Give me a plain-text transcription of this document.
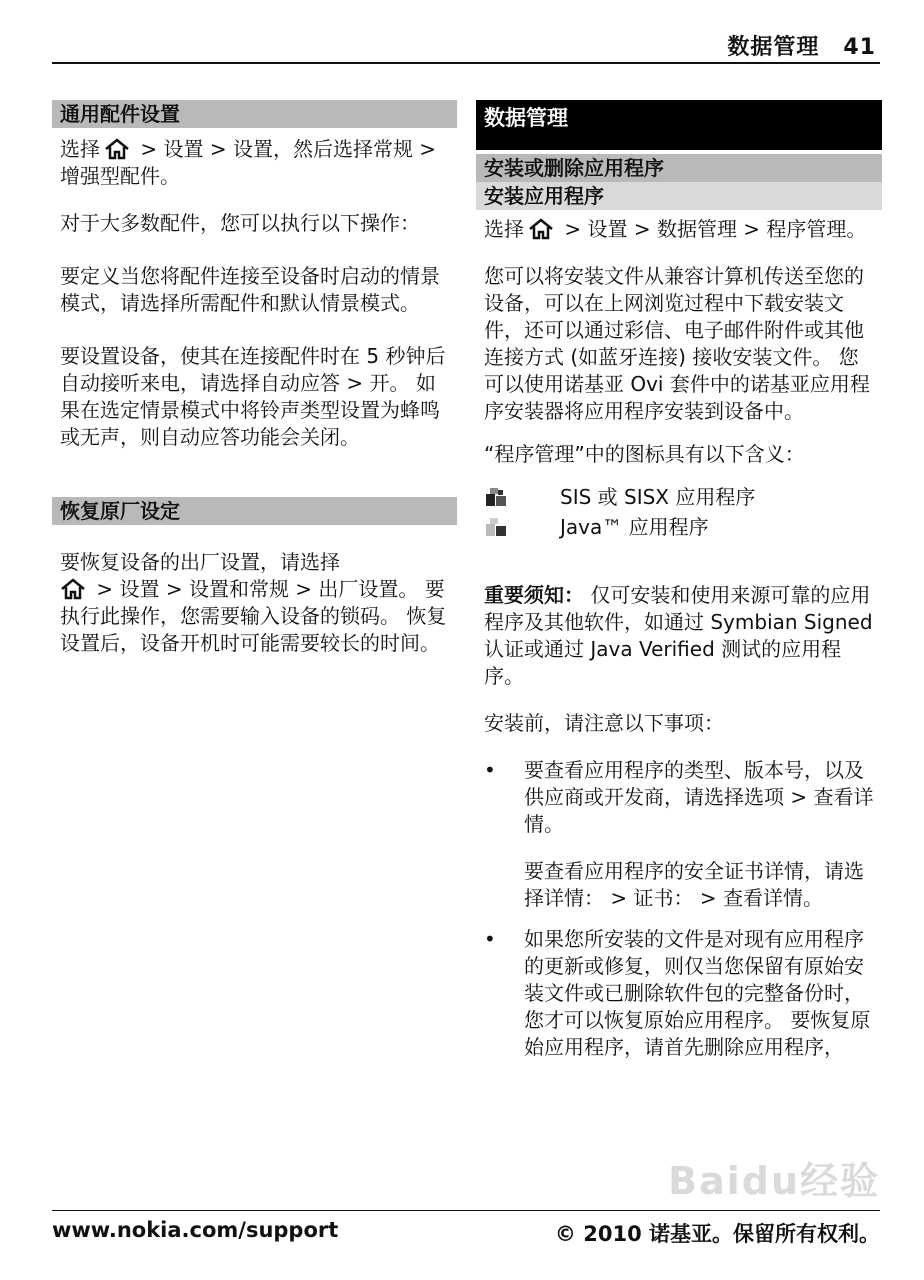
数据管理 41
通用配件设置

选择 > 设置 > 设置，然后选择常规 > 增强型配件。

对于大多数配件，您可以执行以下操作：

要定义当您将配件连接至设备时启动的情景模式，请选择所需配件和默认情景模式。

要设置设备，使其在连接配件时在 5 秒钟后自动接听来电，请选择自动应答 > 开。 如果在选定情景模式中将铃声类型设置为蜂鸣或无声，则自动应答功能会关闭。

恢复原厂设定

要恢复设备的出厂设置，请选择
> 设置 > 设置和常规 > 出厂设置。 要执行此操作，您需要输入设备的锁码。 恢复设置后，设备开机时可能需要较长的时间。

数据管理
安装或删除应用程序
安装应用程序

选择 > 设置 > 数据管理 > 程序管理。

您可以将安装文件从兼容计算机传送至您的设备，可以在上网浏览过程中下载安装文件，还可以通过彩信、电子邮件附件或其他连接方式 (如蓝牙连接) 接收安装文件。 您可以使用诺基亚 Ovi 套件中的诺基亚应用程序安装器将应用程序安装到设备中。

“程序管理”中的图标具有以下含义：

SIS 或 SISX 应用程序
Java™ 应用程序

重要须知： 仅可安装和使用来源可靠的应用程序及其他软件，如通过 Symbian Signed 认证或通过 Java Verified 测试的应用程序。

安装前，请注意以下事项：

•	要查看应用程序的类型、版本号，以及供应商或开发商，请选择选项 > 查看详情。
要查看应用程序的安全证书详情，请选择详情： > 证书： > 查看详情。
•	如果您所安装的文件是对现有应用程序的更新或修复，则仅当您保留有原始安装文件或已删除软件包的完整备份时，您才可以恢复原始应用程序。 要恢复原始应用程序，请首先删除应用程序，
Baidu经验
www.nokia.com/support	© 2010 诺基亚。保留所有权利。
